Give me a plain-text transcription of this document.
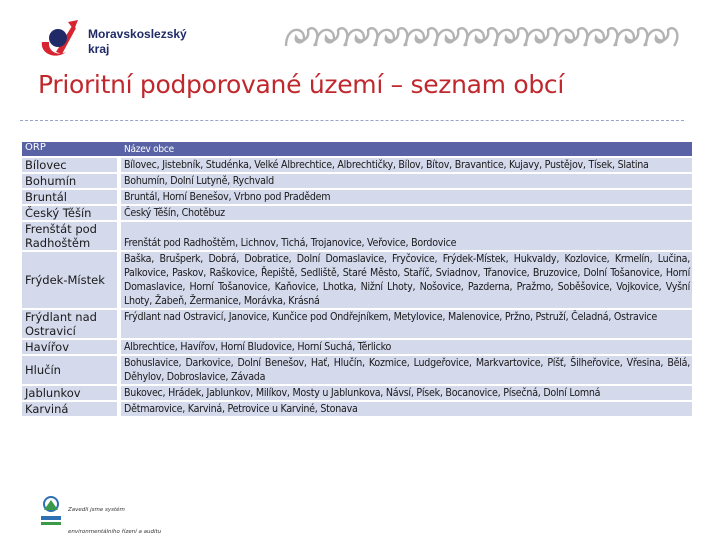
Moravskoslezský
kraj
Prioritní podporované území – seznam obcí
ORP		Název obce
Bílovec		Bílovec, Jistebník, Studénka, Velké Albrechtice, Albrechtičky, Bílov, Bítov, Bravantice, Kujavy, Pustějov, Tísek, Slatina
Bohumín		Bohumín, Dolní Lutyně, Rychvald
Bruntál		Bruntál, Horní Benešov, Vrbno pod Pradědem
Český Těšín		Český Těšín, Chotěbuz
Frenštát pod Radhoštěm		Frenštát pod Radhoštěm, Lichnov, Tichá, Trojanovice, Veřovice, Bordovice
Frýdek-Místek		Baška, Brušperk, Dobrá, Dobratice, Dolní Domaslavice, Fryčovice, Frýdek-Místek, Hukvaldy, Kozlovice, Krmelín, Lučina, Palkovice, Paskov, Raškovice, Řepiště, Sedliště, Staré Město, Staříč, Sviadnov, Třanovice, Bruzovice, Dolní Tošanovice, Horní Domaslavice, Horní Tošanovice, Kaňovice, Lhotka, Nižní Lhoty, Nošovice, Pazderna, Pražmo, Soběšovice, Vojkovice, Vyšní Lhoty, Žabeň, Žermanice, Morávka, Krásná
Frýdlant nad Ostravicí		Frýdlant nad Ostravicí, Janovice, Kunčice pod Ondřejníkem, Metylovice, Malenovice, Pržno, Pstruží, Čeladná, Ostravice
Havířov		Albrechtice, Havířov, Horní Bludovice, Horní Suchá, Těrlicko
Hlučín		Bohuslavice, Darkovice, Dolní Benešov, Hať, Hlučín, Kozmice, Ludgeřovice, Markvartovice, Píšť, Šilheřovice, Vřesina, Bělá, Děhylov, Dobroslavice, Závada
Jablunkov		Bukovec, Hrádek, Jablunkov, Milíkov, Mosty u Jablunkova, Návsí, Písek, Bocanovice, Písečná, Dolní Lomná
Karviná		Dětmarovice, Karviná, Petrovice u Karviné, Stonava
Zavedli jsme systém
environmentálního řízení a auditu
